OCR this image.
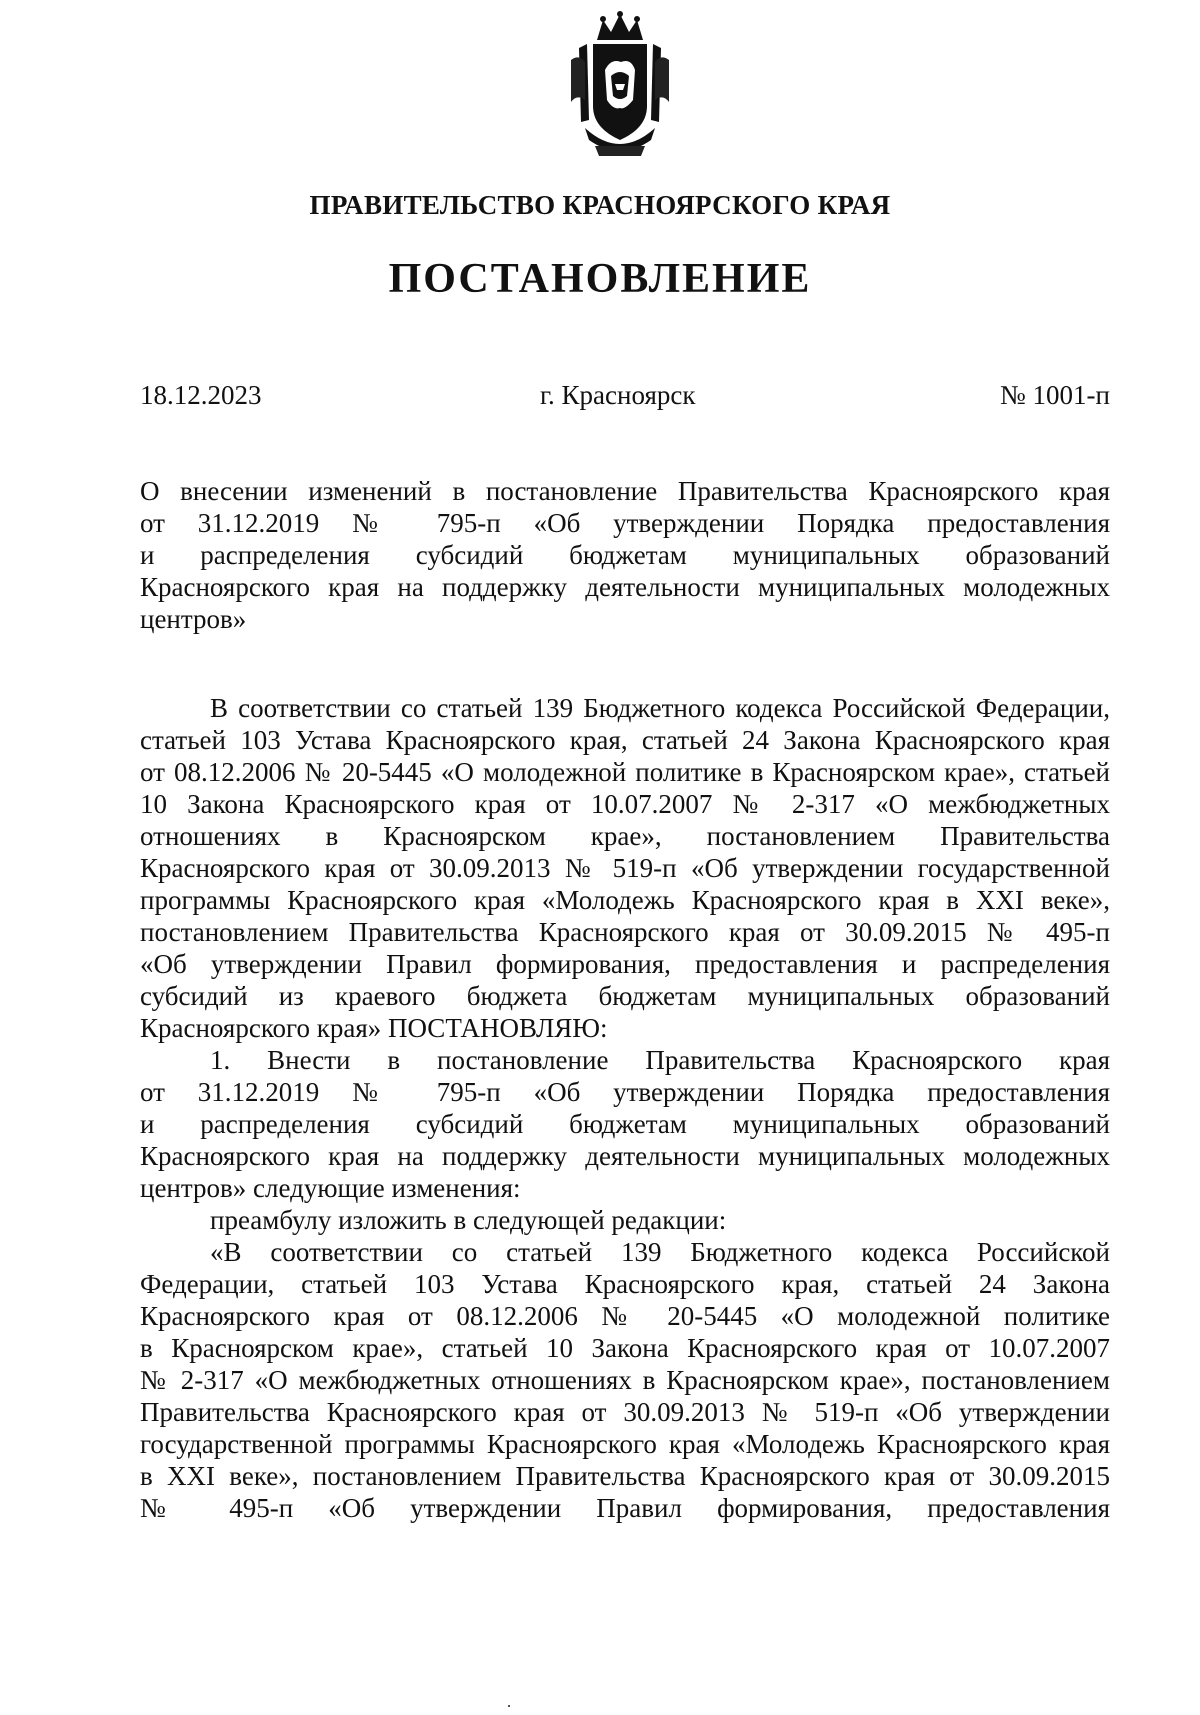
ПРАВИТЕЛЬСТВО КРАСНОЯРСКОГО КРАЯ
ПОСТАНОВЛЕНИЕ
18.12.2023	г. Красноярск	№ 1001-п
О внесении изменений в постановление Правительства Красноярского края
от 31.12.2019 № 795-п «Об утверждении Порядка предоставления
и распределения субсидий бюджетам муниципальных образований
Красноярского края на поддержку деятельности муниципальных молодежных
центров»
В соответствии со статьей 139 Бюджетного кодекса Российской Федерации,
статьей 103 Устава Красноярского края, статьей 24 Закона Красноярского края
от 08.12.2006 № 20-5445 «О молодежной политике в Красноярском крае», статьей
10 Закона Красноярского края от 10.07.2007 № 2-317 «О межбюджетных
отношениях в Красноярском крае», постановлением Правительства
Красноярского края от 30.09.2013 № 519-п «Об утверждении государственной
программы Красноярского края «Молодежь Красноярского края в XXI веке»,
постановлением Правительства Красноярского края от 30.09.2015 № 495-п
«Об утверждении Правил формирования, предоставления и распределения
субсидий из краевого бюджета бюджетам муниципальных образований
Красноярского края» ПОСТАНОВЛЯЮ:
1. Внести в постановление Правительства Красноярского края
от 31.12.2019 № 795-п «Об утверждении Порядка предоставления
и распределения субсидий бюджетам муниципальных образований
Красноярского края на поддержку деятельности муниципальных молодежных
центров» следующие изменения:
преамбулу изложить в следующей редакции:
«В соответствии со статьей 139 Бюджетного кодекса Российской
Федерации, статьей 103 Устава Красноярского края, статьей 24 Закона
Красноярского края от 08.12.2006 № 20-5445 «О молодежной политике
в Красноярском крае», статьей 10 Закона Красноярского края от 10.07.2007
№ 2-317 «О межбюджетных отношениях в Красноярском крае», постановлением
Правительства Красноярского края от 30.09.2013 № 519-п «Об утверждении
государственной программы Красноярского края «Молодежь Красноярского края
в XXI веке», постановлением Правительства Красноярского края от 30.09.2015
№ 495-п «Об утверждении Правил формирования, предоставления
